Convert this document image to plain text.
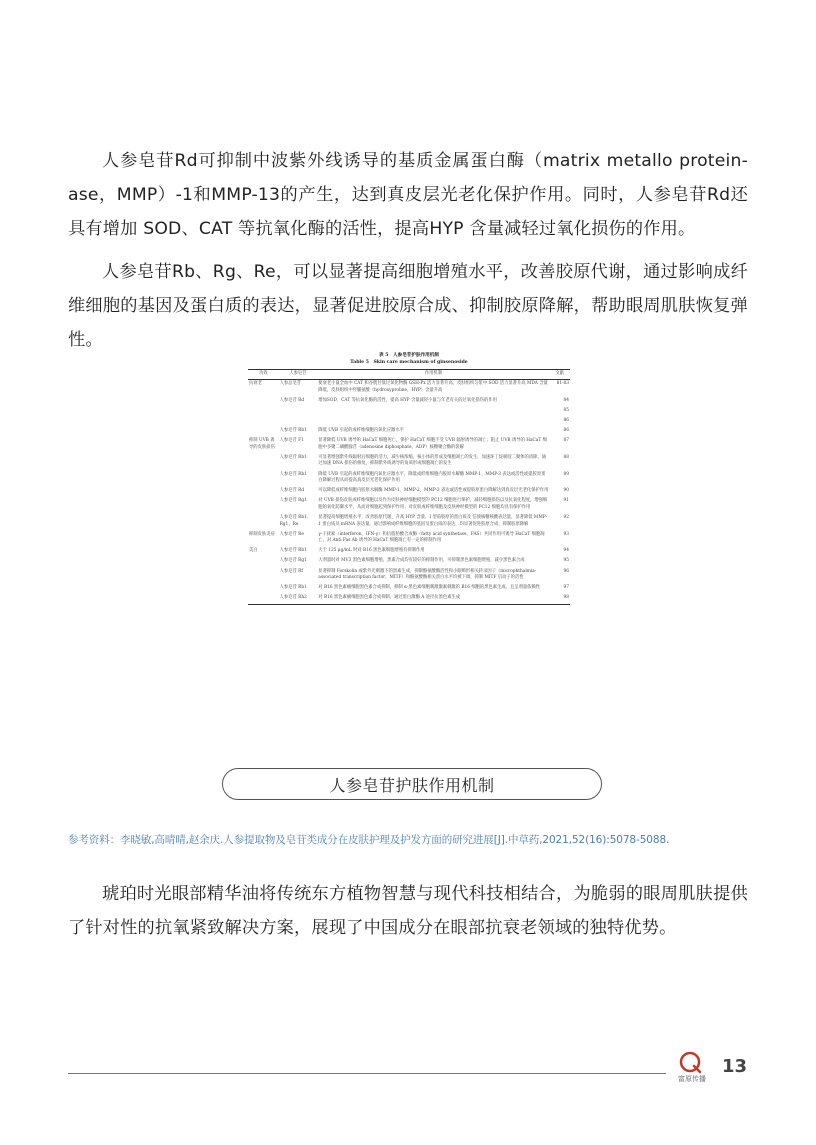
人参皂苷Rd可抑制中波紫外线诱导的基质金属蛋白酶（matrix metallo protein-ase，MMP）-1和MMP-13的产生，达到真皮层光老化保护作用。同时，人参皂苷Rd还具有增加 SOD、CAT 等抗氧化酶的活性，提高HYP 含量减轻过氧化损伤的作用。

人参皂苷Rb、Rg、Re，可以显著提高细胞增殖水平，改善胶原代谢，通过影响成纤维细胞的基因及蛋白质的表达，显著促进胶原合成、抑制胶原降解，帮助眼周肌肤恢复弹性。

表 5　人参皂苷护肤作用机制
Table 5　Skin care mechanism of ginsenoside
功效	人参皂苷	作用机制	文献
抗衰老	人参总皂苷	使衰老小鼠全血中 CAT 和谷胱甘肽过氧化物酶 GSH-Px 活力显著升高，皮肤组织匀浆中 SOD 活力显著升高 MDA 含量降低，皮肤组织中羟脯氨酸（hydroxyproline，HYP）含量升高	81-83
	人参皂苷 Rd	增加SOD、CAT 等抗氧化酶的活性，提高 HYP 含量减轻小鼠与年老有关的过氧化损伤的作用	84
			85
			86
	人参皂苷 Rb1	降低 UVB 引起的成纤维细胞内氧化应激水平	86
抑制 UVB 诱导的皮肤损伤	人参皂苷 F1	显著降低 UVB 诱导的 HaCaT 细胞死亡，保护 HaCaT 细胞不受 UVB 辐射诱导的凋亡；阻止 UVB 诱导的 HaCaT 细胞中多聚二磷酸腺苷（adenosine diphosphate，ADP）核糖聚合酶的裂解	87
	人参皂苷 Rb1	可显著增强紫外线辐射后细胞的活力，减少核浓缩、核小体的形成及细胞凋亡的发生，加速环丁烷嘧啶二聚体的清除，通过加速 DNA 损伤的修复，抑制紫外线诱导的角质形成细胞凋亡的发生	88
	人参皂苷 Rb1	降低 UVB 引起的成纤维细胞内氧化应激水平，降低成纤维细胞内胶原水解酶 MMP-1、MMP-3 表达或活性或提胶原蛋白降解过程从而提高真皮层光老化保护作用	89
	人参皂苷 Rd	可以降低成纤维细胞内胶原水解酶 MMP-1、MMP-2、MMP-3 表达或活性或提胶原蛋白降解达到真皮层光老化保护作用	90
	人参皂苷 Rg1	对 UVB 损伤皮肤成纤维细胞以及作为皮肤神经细胞模型的 PC12 细胞进行保护，减轻细胞损伤以及抗氧化程度，增强细胞的氧化防御水平，从而对细胞起到保护作用；对皮肤成纤维细胞及皮肤神经模型的 PC12 细胞均具有保护作用	91
	人参皂苷 Rb1、Rg1、Re	显著提高细胞增殖水平，改善胶原代谢，升高 HYP 含量，I 型前胶原的蛋白质及 信使核糖核酸表达量，显著降低 MMP-1 蛋白质及 mRNA 表达量，通过影响成纤维细胞的基因及蛋白质的表达，均显著促进胶原合成、抑制胶原降解	92
抑制皮肤炎症	人参皂苷 Re	γ-干扰素（interferon，IFN-γ）和抗脂肪酸合成酶（fatty acid synthetase，FAS）共同作用可诱导 HaCaT 细胞凋亡，对 Anti Fas Ab 诱导的 HaCaT 细胞凋亡有一定的抑制作用	93
美白	人参皂苷 Rb1	大于 125 μg/mL 时对 B16 黑色素细胞增殖有抑制作用	94
	人参皂苷 Rg1	大剂量时对 MV3 黑色素细胞增殖、黑素合成均有较好的抑制作用，可抑制黑色素细胞增殖，减少黑色素合成	95
	人参皂苷 Rf	显著抑制 Forskolin 或紫外光刺激下的黑素生成，抑制酪氨酸酶活性和小眼畸形相关转录因子（microphthalmia-associated transcription factor，MITF）和酪氨酸酶相关蛋白水平均被下调，抑制 MITF 启动子的活性	96
	人参皂苷 Rb1	对 B16 黑色素瘤细胞黑色素合成抑制，抑制 α-黑色素细胞刺激激素刺激的 B16 细胞的黑色素生成，且呈剂量依赖性	97
	人参皂苷 Rh2	对 B16 黑色素瘤细胞黑色素合成抑制，通过蛋白激酶 A 途径抗黑色素生成	98
人参皂苷护肤作用机制
参考资料：李晓敏,高晴晴,赵余庆.人参提取物及皂苷类成分在皮肤护理及护发方面的研究进展[J].中草药,2021,52(16):5078-5088.

琥珀时光眼部精华油将传统东方植物智慧与现代科技相结合，为脆弱的眼周肌肤提供了针对性的抗氧紧致解决方案，展现了中国成分在眼部抗衰老领域的独特优势。

富原传播
13
